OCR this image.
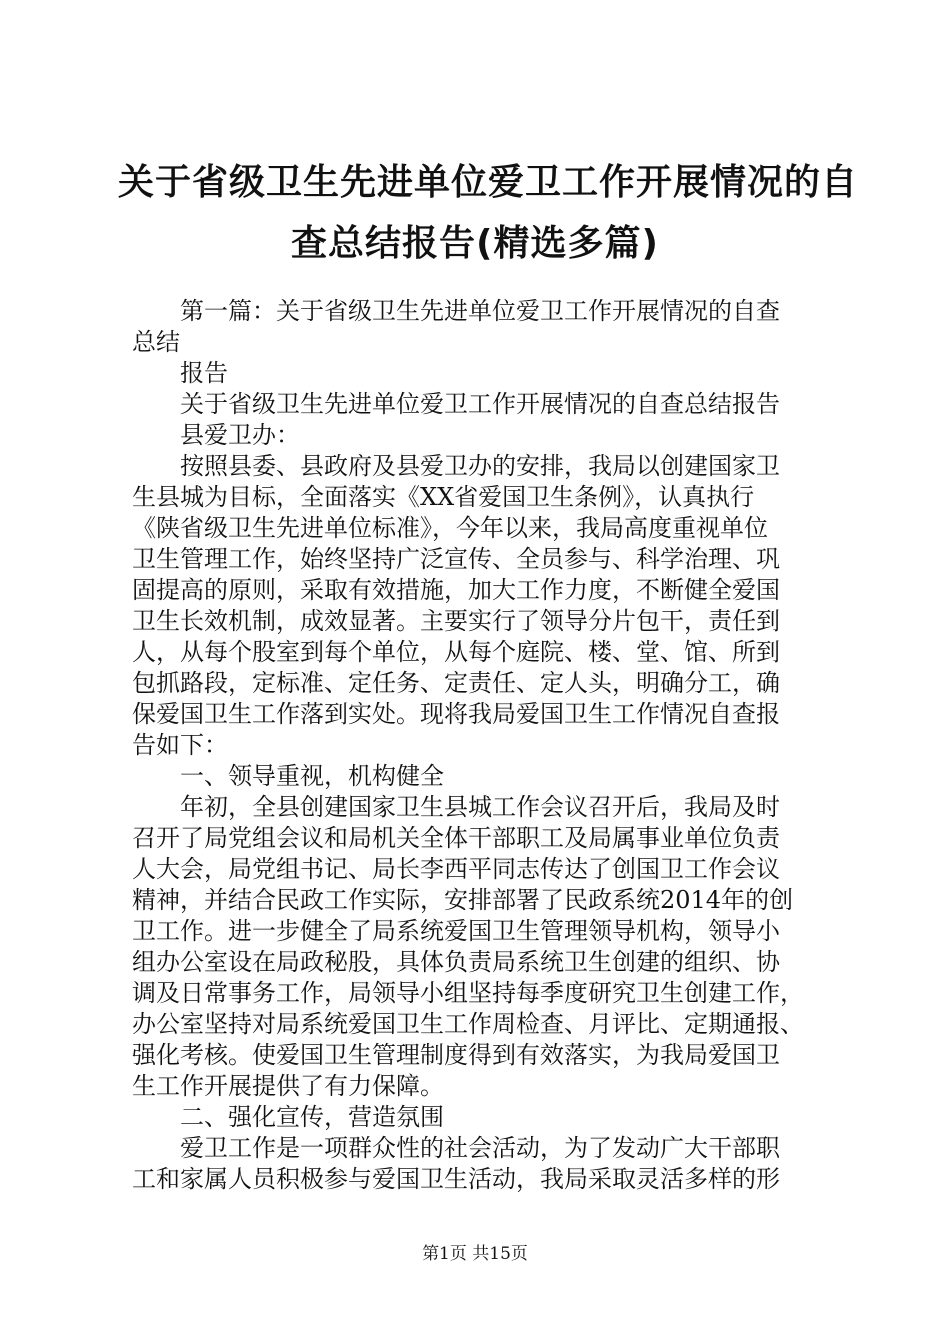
关于省级卫生先进单位爱卫工作开展情况的自
查总结报告(精选多篇)
第一篇：关于省级卫生先进单位爱卫工作开展情况的自查
总结
报告
关于省级卫生先进单位爱卫工作开展情况的自查总结报告
县爱卫办：
按照县委、县政府及县爱卫办的安排，我局以创建国家卫
生县城为目标，全面落实《XX省爱国卫生条例》，认真执行
《陕省级卫生先进单位标准》，今年以来，我局高度重视单位
卫生管理工作，始终坚持广泛宣传、全员参与、科学治理、巩
固提高的原则，采取有效措施，加大工作力度，不断健全爱国
卫生长效机制，成效显著。主要实行了领导分片包干，责任到
人，从每个股室到每个单位，从每个庭院、楼、堂、馆、所到
包抓路段，定标准、定任务、定责任、定人头，明确分工，确
保爱国卫生工作落到实处。现将我局爱国卫生工作情况自查报
告如下：
一、领导重视，机构健全
年初，全县创建国家卫生县城工作会议召开后，我局及时
召开了局党组会议和局机关全体干部职工及局属事业单位负责
人大会，局党组书记、局长李西平同志传达了创国卫工作会议
精神，并结合民政工作实际，安排部署了民政系统2014年的创
卫工作。进一步健全了局系统爱国卫生管理领导机构，领导小
组办公室设在局政秘股，具体负责局系统卫生创建的组织、协
调及日常事务工作，局领导小组坚持每季度研究卫生创建工作，
办公室坚持对局系统爱国卫生工作周检查、月评比、定期通报、
强化考核。使爱国卫生管理制度得到有效落实，为我局爱国卫
生工作开展提供了有力保障。
二、强化宣传，营造氛围
爱卫工作是一项群众性的社会活动，为了发动广大干部职
工和家属人员积极参与爱国卫生活动，我局采取灵活多样的形
第1页 共15页
